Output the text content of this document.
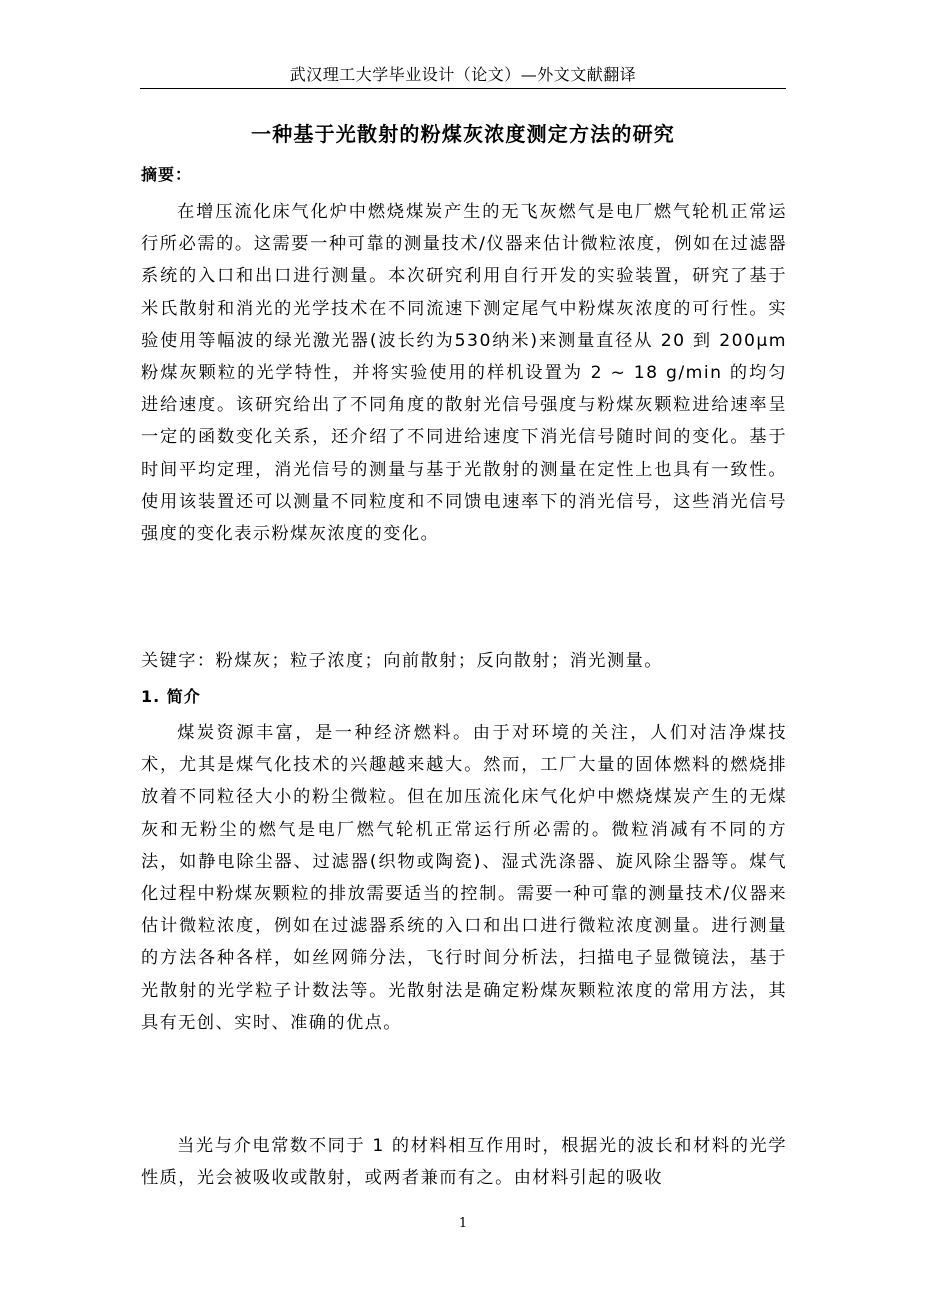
武汉理工大学毕业设计（论文）—外文文献翻译
一种基于光散射的粉煤灰浓度测定方法的研究
摘要：
在增压流化床气化炉中燃烧煤炭产生的无飞灰燃气是电厂燃气轮机正常运行所必需的。这需要一种可靠的测量技术/仪器来估计微粒浓度，例如在过滤器系统的入口和出口进行测量。本次研究利用自行开发的实验装置，研究了基于米氏散射和消光的光学技术在不同流速下测定尾气中粉煤灰浓度的可行性。实验使用等幅波的绿光激光器(波长约为530纳米)来测量直径从 20 到 200μm 粉煤灰颗粒的光学特性，并将实验使用的样机设置为 2 ~ 18 g/min 的均匀进给速度。该研究给出了不同角度的散射光信号强度与粉煤灰颗粒进给速率呈一定的函数变化关系，还介绍了不同进给速度下消光信号随时间的变化。基于时间平均定理，消光信号的测量与基于光散射的测量在定性上也具有一致性。使用该装置还可以测量不同粒度和不同馈电速率下的消光信号，这些消光信号强度的变化表示粉煤灰浓度的变化。
关键字：粉煤灰；粒子浓度；向前散射；反向散射；消光测量。
1. 简介
煤炭资源丰富，是一种经济燃料。由于对环境的关注，人们对洁净煤技术，尤其是煤气化技术的兴趣越来越大。然而，工厂大量的固体燃料的燃烧排放着不同粒径大小的粉尘微粒。但在加压流化床气化炉中燃烧煤炭产生的无煤灰和无粉尘的燃气是电厂燃气轮机正常运行所必需的。微粒消减有不同的方法，如静电除尘器、过滤器(织物或陶瓷)、湿式洗涤器、旋风除尘器等。煤气化过程中粉煤灰颗粒的排放需要适当的控制。需要一种可靠的测量技术/仪器来估计微粒浓度，例如在过滤器系统的入口和出口进行微粒浓度测量。进行测量的方法各种各样，如丝网筛分法，飞行时间分析法，扫描电子显微镜法，基于光散射的光学粒子计数法等。光散射法是确定粉煤灰颗粒浓度的常用方法，其具有无创、实时、准确的优点。
当光与介电常数不同于 1 的材料相互作用时，根据光的波长和材料的光学性质，光会被吸收或散射，或两者兼而有之。由材料引起的吸收
1
